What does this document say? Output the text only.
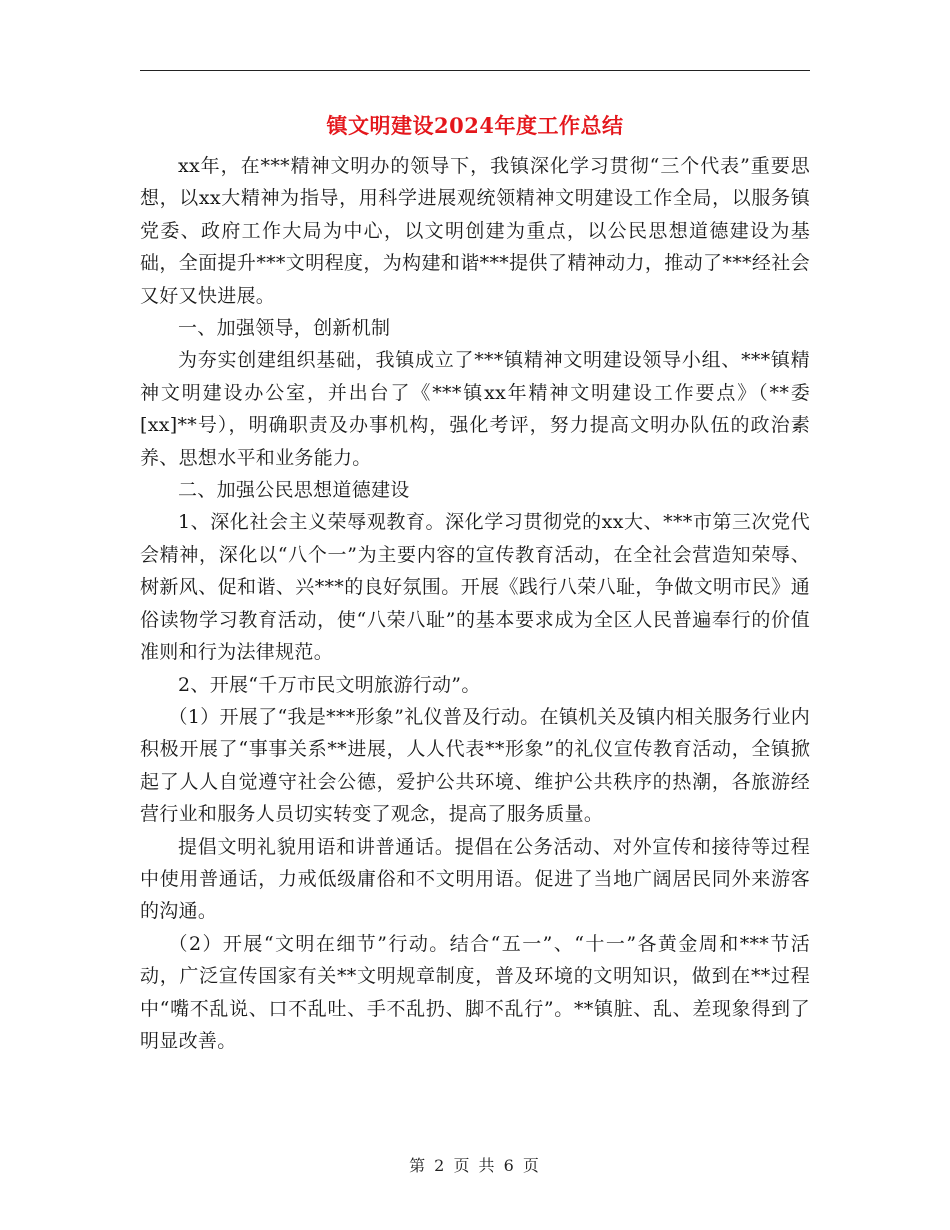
镇文明建设2024年度工作总结

xx年，在***精神文明办的领导下，我镇深化学习贯彻“三个代表”重要思想，以xx大精神为指导，用科学进展观统领精神文明建设工作全局，以服务镇党委、政府工作大局为中心，以文明创建为重点，以公民思想道德建设为基础，全面提升***文明程度，为构建和谐***提供了精神动力，推动了***经社会又好又快进展。

一、加强领导，创新机制

为夯实创建组织基础，我镇成立了***镇精神文明建设领导小组、***镇精神文明建设办公室，并出台了《***镇xx年精神文明建设工作要点》（**委[xx]**号），明确职责及办事机构，强化考评，努力提高文明办队伍的政治素养、思想水平和业务能力。

二、加强公民思想道德建设

1、深化社会主义荣辱观教育。深化学习贯彻党的xx大、***市第三次党代会精神，深化以“八个一”为主要内容的宣传教育活动，在全社会营造知荣辱、树新风、促和谐、兴***的良好氛围。开展《践行八荣八耻，争做文明市民》通俗读物学习教育活动，使“八荣八耻”的基本要求成为全区人民普遍奉行的价值准则和行为法律规范。

2、开展“千万市民文明旅游行动”。

（1）开展了“我是***形象”礼仪普及行动。在镇机关及镇内相关服务行业内积极开展了“事事关系**进展，人人代表**形象”的礼仪宣传教育活动，全镇掀起了人人自觉遵守社会公德，爱护公共环境、维护公共秩序的热潮，各旅游经营行业和服务人员切实转变了观念，提高了服务质量。

提倡文明礼貌用语和讲普通话。提倡在公务活动、对外宣传和接待等过程中使用普通话，力戒低级庸俗和不文明用语。促进了当地广阔居民同外来游客的沟通。

（2）开展“文明在细节”行动。结合“五一”、“十一”各黄金周和***节活动，广泛宣传国家有关**文明规章制度，普及环境的文明知识，做到在**过程中“嘴不乱说、口不乱吐、手不乱扔、脚不乱行”。**镇脏、乱、差现象得到了明显改善。

第 2 页 共 6 页
